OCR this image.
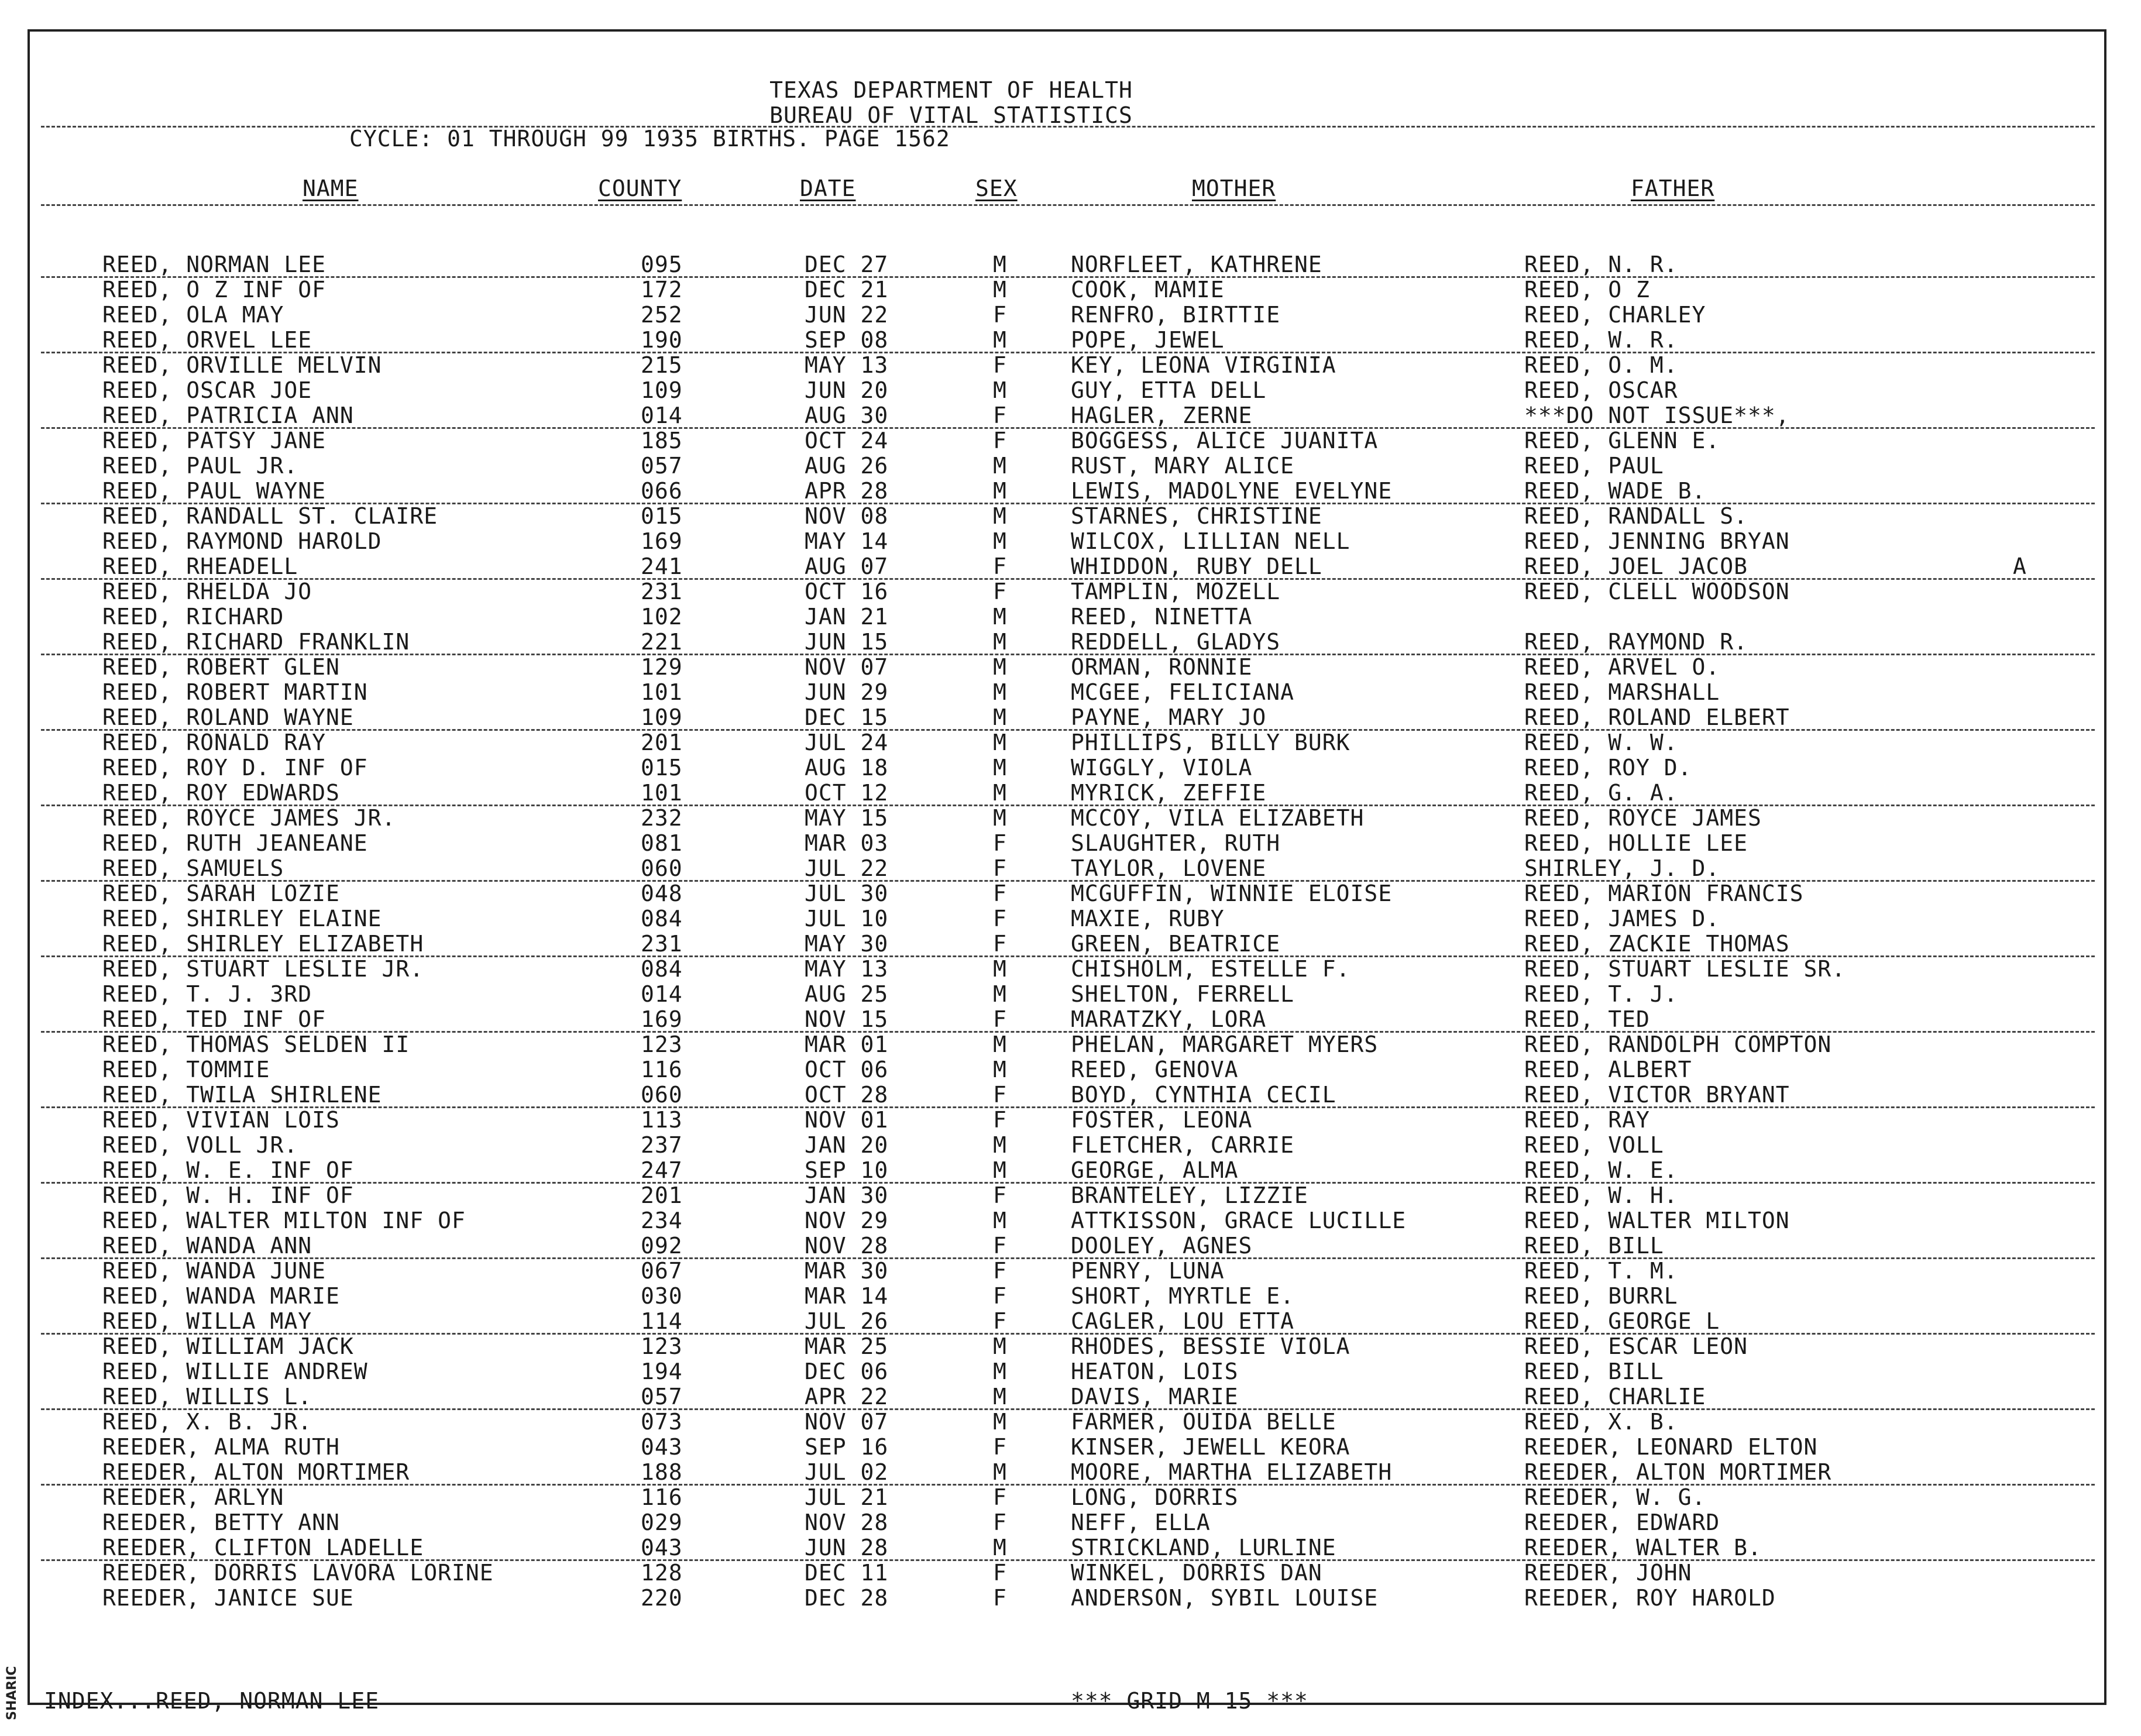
SHARIC
TEXAS DEPARTMENT OF HEALTH
BUREAU OF VITAL STATISTICS
CYCLE: 01 THROUGH 99 1935 BIRTHS. PAGE 1562
NAME	COUNTY	DATE	SEX	MOTHER	FATHER
REED, NORMAN LEE	095	DEC 27	M	NORFLEET, KATHRENE	REED, N. R.
REED, O Z INF OF	172	DEC 21	M	COOK, MAMIE	REED, O Z
REED, OLA MAY	252	JUN 22	F	RENFRO, BIRTTIE	REED, CHARLEY
REED, ORVEL LEE	190	SEP 08	M	POPE, JEWEL	REED, W. R.
REED, ORVILLE MELVIN	215	MAY 13	F	KEY, LEONA VIRGINIA	REED, O. M.
REED, OSCAR JOE	109	JUN 20	M	GUY, ETTA DELL	REED, OSCAR
REED, PATRICIA ANN	014	AUG 30	F	HAGLER, ZERNE	***DO NOT ISSUE***,
REED, PATSY JANE	185	OCT 24	F	BOGGESS, ALICE JUANITA	REED, GLENN E.
REED, PAUL JR.	057	AUG 26	M	RUST, MARY ALICE	REED, PAUL
REED, PAUL WAYNE	066	APR 28	M	LEWIS, MADOLYNE EVELYNE	REED, WADE B.
REED, RANDALL ST. CLAIRE	015	NOV 08	M	STARNES, CHRISTINE	REED, RANDALL S.
REED, RAYMOND HAROLD	169	MAY 14	M	WILCOX, LILLIAN NELL	REED, JENNING BRYAN
REED, RHEADELL	241	AUG 07	F	WHIDDON, RUBY DELL	REED, JOEL JACOB	A
REED, RHELDA JO	231	OCT 16	F	TAMPLIN, MOZELL	REED, CLELL WOODSON
REED, RICHARD	102	JAN 21	M	REED, NINETTA
REED, RICHARD FRANKLIN	221	JUN 15	M	REDDELL, GLADYS	REED, RAYMOND R.
REED, ROBERT GLEN	129	NOV 07	M	ORMAN, RONNIE	REED, ARVEL O.
REED, ROBERT MARTIN	101	JUN 29	M	MCGEE, FELICIANA	REED, MARSHALL
REED, ROLAND WAYNE	109	DEC 15	M	PAYNE, MARY JO	REED, ROLAND ELBERT
REED, RONALD RAY	201	JUL 24	M	PHILLIPS, BILLY BURK	REED, W. W.
REED, ROY D. INF OF	015	AUG 18	M	WIGGLY, VIOLA	REED, ROY D.
REED, ROY EDWARDS	101	OCT 12	M	MYRICK, ZEFFIE	REED, G. A.
REED, ROYCE JAMES JR.	232	MAY 15	M	MCCOY, VILA ELIZABETH	REED, ROYCE JAMES
REED, RUTH JEANEANE	081	MAR 03	F	SLAUGHTER, RUTH	REED, HOLLIE LEE
REED, SAMUELS	060	JUL 22	F	TAYLOR, LOVENE	SHIRLEY, J. D.
REED, SARAH LOZIE	048	JUL 30	F	MCGUFFIN, WINNIE ELOISE	REED, MARION FRANCIS
REED, SHIRLEY ELAINE	084	JUL 10	F	MAXIE, RUBY	REED, JAMES D.
REED, SHIRLEY ELIZABETH	231	MAY 30	F	GREEN, BEATRICE	REED, ZACKIE THOMAS
REED, STUART LESLIE JR.	084	MAY 13	M	CHISHOLM, ESTELLE F.	REED, STUART LESLIE SR.
REED, T. J. 3RD	014	AUG 25	M	SHELTON, FERRELL	REED, T. J.
REED, TED INF OF	169	NOV 15	F	MARATZKY, LORA	REED, TED
REED, THOMAS SELDEN II	123	MAR 01	M	PHELAN, MARGARET MYERS	REED, RANDOLPH COMPTON
REED, TOMMIE	116	OCT 06	M	REED, GENOVA	REED, ALBERT
REED, TWILA SHIRLENE	060	OCT 28	F	BOYD, CYNTHIA CECIL	REED, VICTOR BRYANT
REED, VIVIAN LOIS	113	NOV 01	F	FOSTER, LEONA	REED, RAY
REED, VOLL JR.	237	JAN 20	M	FLETCHER, CARRIE	REED, VOLL
REED, W. E. INF OF	247	SEP 10	M	GEORGE, ALMA	REED, W. E.
REED, W. H. INF OF	201	JAN 30	F	BRANTELEY, LIZZIE	REED, W. H.
REED, WALTER MILTON INF OF	234	NOV 29	M	ATTKISSON, GRACE LUCILLE	REED, WALTER MILTON
REED, WANDA ANN	092	NOV 28	F	DOOLEY, AGNES	REED, BILL
REED, WANDA JUNE	067	MAR 30	F	PENRY, LUNA	REED, T. M.
REED, WANDA MARIE	030	MAR 14	F	SHORT, MYRTLE E.	REED, BURRL
REED, WILLA MAY	114	JUL 26	F	CAGLER, LOU ETTA	REED, GEORGE L
REED, WILLIAM JACK	123	MAR 25	M	RHODES, BESSIE VIOLA	REED, ESCAR LEON
REED, WILLIE ANDREW	194	DEC 06	M	HEATON, LOIS	REED, BILL
REED, WILLIS L.	057	APR 22	M	DAVIS, MARIE	REED, CHARLIE
REED, X. B. JR.	073	NOV 07	M	FARMER, OUIDA BELLE	REED, X. B.
REEDER, ALMA RUTH	043	SEP 16	F	KINSER, JEWELL KEORA	REEDER, LEONARD ELTON
REEDER, ALTON MORTIMER	188	JUL 02	M	MOORE, MARTHA ELIZABETH	REEDER, ALTON MORTIMER
REEDER, ARLYN	116	JUL 21	F	LONG, DORRIS	REEDER, W. G.
REEDER, BETTY ANN	029	NOV 28	F	NEFF, ELLA	REEDER, EDWARD
REEDER, CLIFTON LADELLE	043	JUN 28	M	STRICKLAND, LURLINE	REEDER, WALTER B.
REEDER, DORRIS LAVORA LORINE	128	DEC 11	F	WINKEL, DORRIS DAN	REEDER, JOHN
REEDER, JANICE SUE	220	DEC 28	F	ANDERSON, SYBIL LOUISE	REEDER, ROY HAROLD
INDEX...REED, NORMAN LEE	*** GRID M 15 ***
